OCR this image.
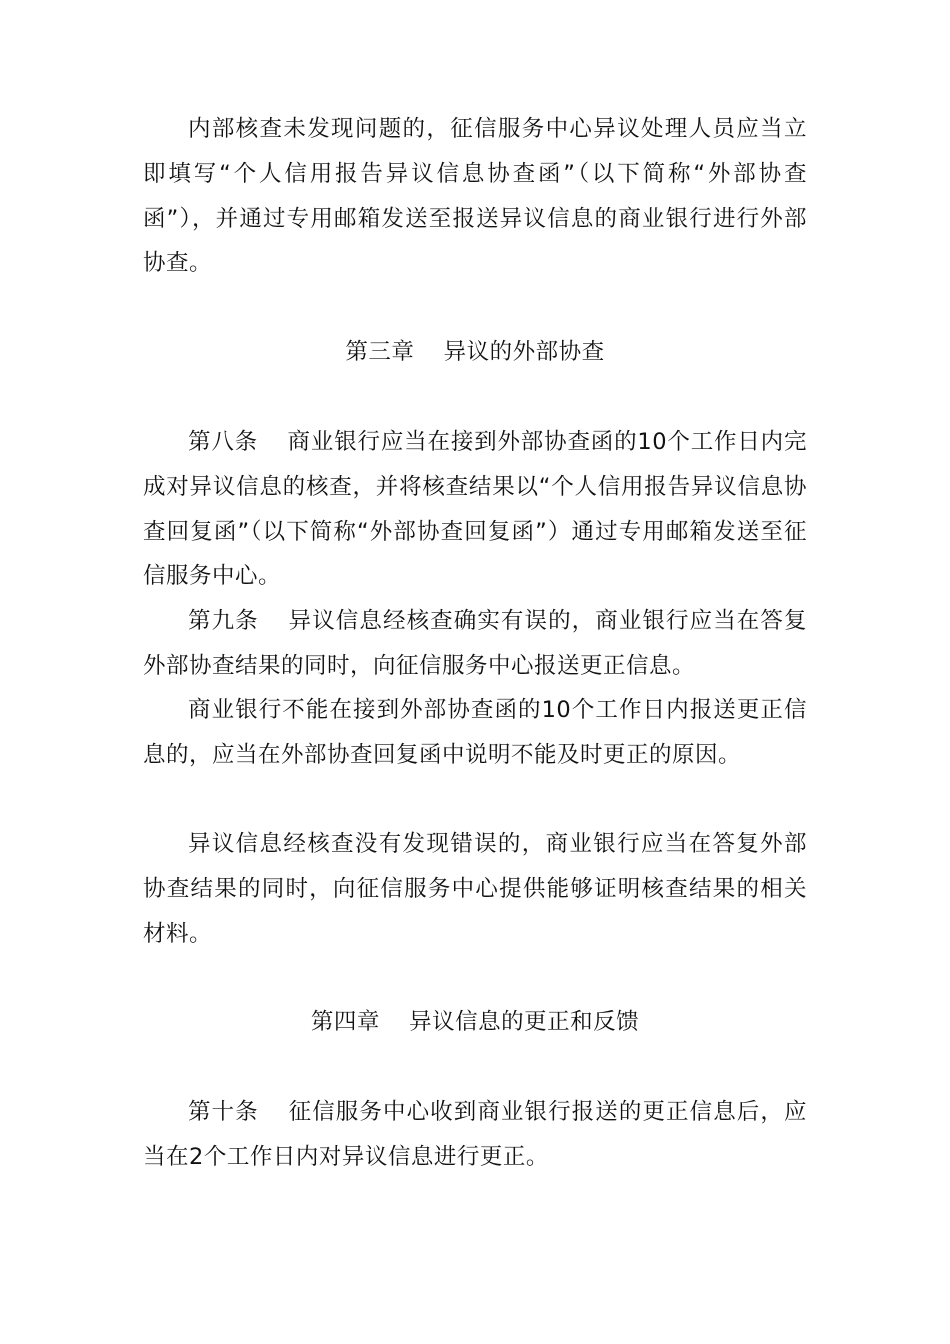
内部核查未发现问题的，征信服务中心异议处理人员应当立即填写“个人信用报告异议信息协查函”（以下简称“外部协查函”），并通过专用邮箱发送至报送异议信息的商业银行进行外部协查。

第三章 异议的外部协查

第八条 商业银行应当在接到外部协查函的10个工作日内完成对异议信息的核查，并将核查结果以“个人信用报告异议信息协查回复函”（以下简称“外部协查回复函”）通过专用邮箱发送至征信服务中心。

第九条 异议信息经核查确实有误的，商业银行应当在答复外部协查结果的同时，向征信服务中心报送更正信息。

商业银行不能在接到外部协查函的10个工作日内报送更正信息的，应当在外部协查回复函中说明不能及时更正的原因。

异议信息经核查没有发现错误的，商业银行应当在答复外部协查结果的同时，向征信服务中心提供能够证明核查结果的相关材料。

第四章 异议信息的更正和反馈

第十条 征信服务中心收到商业银行报送的更正信息后，应当在2个工作日内对异议信息进行更正。
